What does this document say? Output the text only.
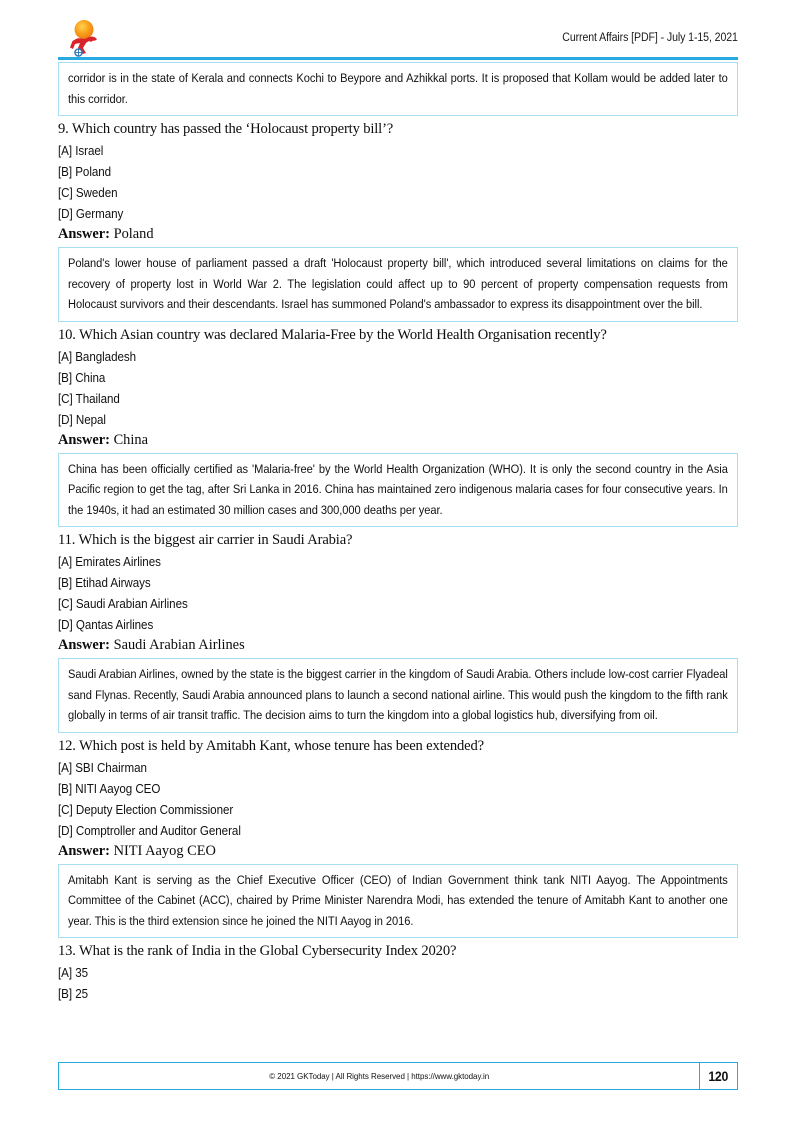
Current Affairs [PDF] - July 1-15, 2021

corridor is in the state of Kerala and connects Kochi to Beypore and Azhikkal ports. It is proposed that Kollam would be added later to this corridor.

9. Which country has passed the ‘Holocaust property bill’?
[A] Israel
[B] Poland
[C] Sweden
[D] Germany
Answer: Poland

Poland's lower house of parliament passed a draft 'Holocaust property bill', which introduced several limitations on claims for the recovery of property lost in World War 2. The legislation could affect up to 90 percent of property compensation requests from Holocaust survivors and their descendants. Israel has summoned Poland's ambassador to express its disappointment over the bill.

10. Which Asian country was declared Malaria-Free by the World Health Organisation recently?
[A] Bangladesh
[B] China
[C] Thailand
[D] Nepal
Answer: China

China has been officially certified as 'Malaria-free' by the World Health Organization (WHO). It is only the second country in the Asia Pacific region to get the tag, after Sri Lanka in 2016. China has maintained zero indigenous malaria cases for four consecutive years. In the 1940s, it had an estimated 30 million cases and 300,000 deaths per year.

11. Which is the biggest air carrier in Saudi Arabia?
[A] Emirates Airlines
[B] Etihad Airways
[C] Saudi Arabian Airlines
[D] Qantas Airlines
Answer: Saudi Arabian Airlines

Saudi Arabian Airlines, owned by the state is the biggest carrier in the kingdom of Saudi Arabia. Others include low-cost carrier Flyadeal sand Flynas. Recently, Saudi Arabia announced plans to launch a second national airline. This would push the kingdom to the fifth rank globally in terms of air transit traffic. The decision aims to turn the kingdom into a global logistics hub, diversifying from oil.

12. Which post is held by Amitabh Kant, whose tenure has been extended?
[A] SBI Chairman
[B] NITI Aayog CEO
[C] Deputy Election Commissioner
[D] Comptroller and Auditor General
Answer: NITI Aayog CEO

Amitabh Kant is serving as the Chief Executive Officer (CEO) of Indian Government think tank NITI Aayog. The Appointments Committee of the Cabinet (ACC), chaired by Prime Minister Narendra Modi, has extended the tenure of Amitabh Kant to another one year. This is the third extension since he joined the NITI Aayog in 2016.

13. What is the rank of India in the Global Cybersecurity Index 2020?
[A] 35
[B] 25
© 2021 GKToday | All Rights Reserved | https://www.gktoday.in	120
